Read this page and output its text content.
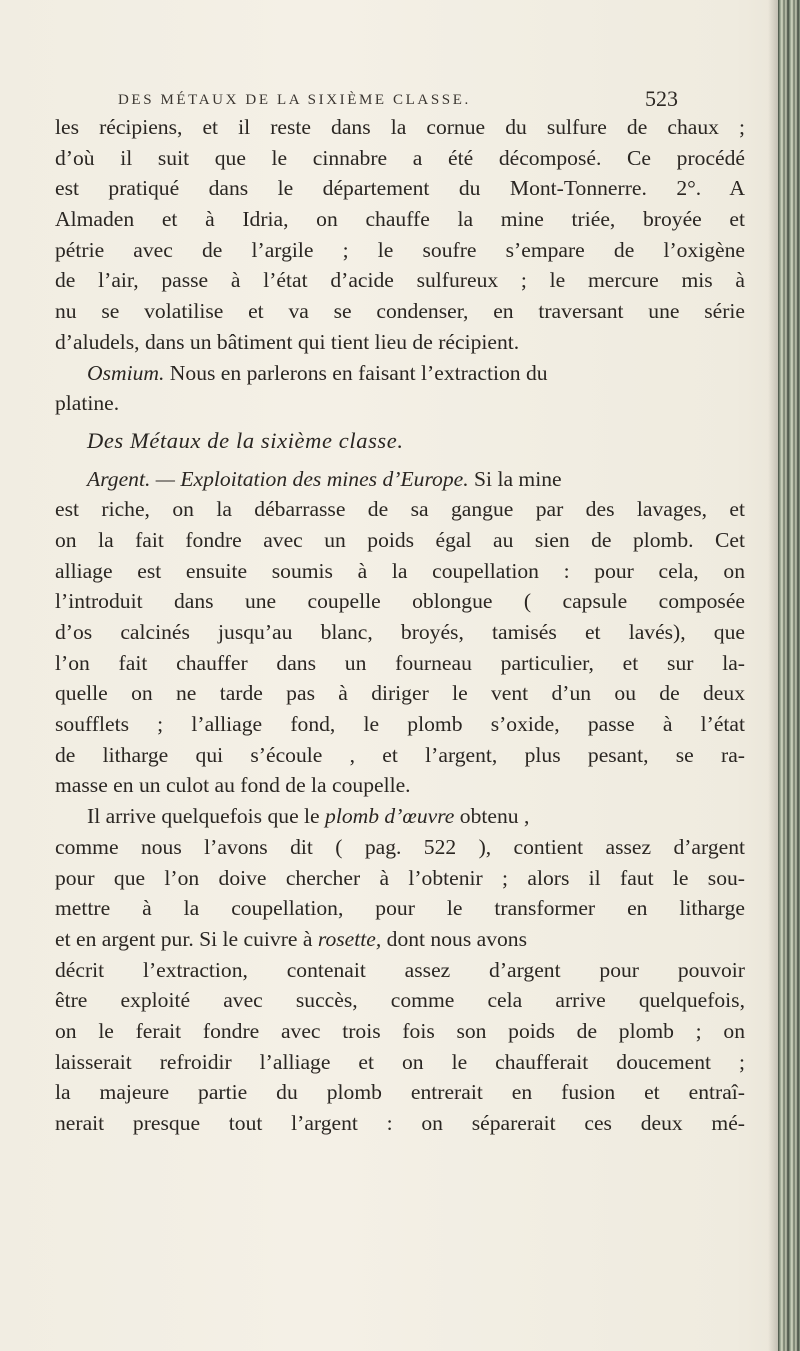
DES MÉTAUX DE LA SIXIÈME CLASSE.	523
les récipiens, et il reste dans la cornue du sulfure de chaux ;
d’où il suit que le cinnabre a été décomposé. Ce procédé
est pratiqué dans le département du Mont-Tonnerre. 2°. A
Almaden et à Idria, on chauffe la mine triée, broyée et
pétrie avec de l’argile ; le soufre s’empare de l’oxigène
de l’air, passe à l’état d’acide sulfureux ; le mercure mis à
nu se volatilise et va se condenser, en traversant une série
d’aludels, dans un bâtiment qui tient lieu de récipient.
Osmium. Nous en parlerons en faisant l’extraction du
platine.
Des Métaux de la sixième classe.
Argent. — Exploitation des mines d’Europe. Si la mine
est riche, on la débarrasse de sa gangue par des lavages, et
on la fait fondre avec un poids égal au sien de plomb. Cet
alliage est ensuite soumis à la coupellation : pour cela, on
l’introduit dans une coupelle oblongue ( capsule composée
d’os calcinés jusqu’au blanc, broyés, tamisés et lavés), que
l’on fait chauffer dans un fourneau particulier, et sur la-
quelle on ne tarde pas à diriger le vent d’un ou de deux
soufflets ; l’alliage fond, le plomb s’oxide, passe à l’état
de litharge qui s’écoule , et l’argent, plus pesant, se ra-
masse en un culot au fond de la coupelle.
Il arrive quelquefois que le plomb d’œuvre obtenu ,
comme nous l’avons dit ( pag. 522 ), contient assez d’argent
pour que l’on doive chercher à l’obtenir ; alors il faut le sou-
mettre à la coupellation, pour le transformer en litharge
et en argent pur. Si le cuivre à rosette, dont nous avons
décrit l’extraction, contenait assez d’argent pour pouvoir
être exploité avec succès, comme cela arrive quelquefois,
on le ferait fondre avec trois fois son poids de plomb ; on
laisserait refroidir l’alliage et on le chaufferait doucement ;
la majeure partie du plomb entrerait en fusion et entraî-
nerait presque tout l’argent : on séparerait ces deux mé-
